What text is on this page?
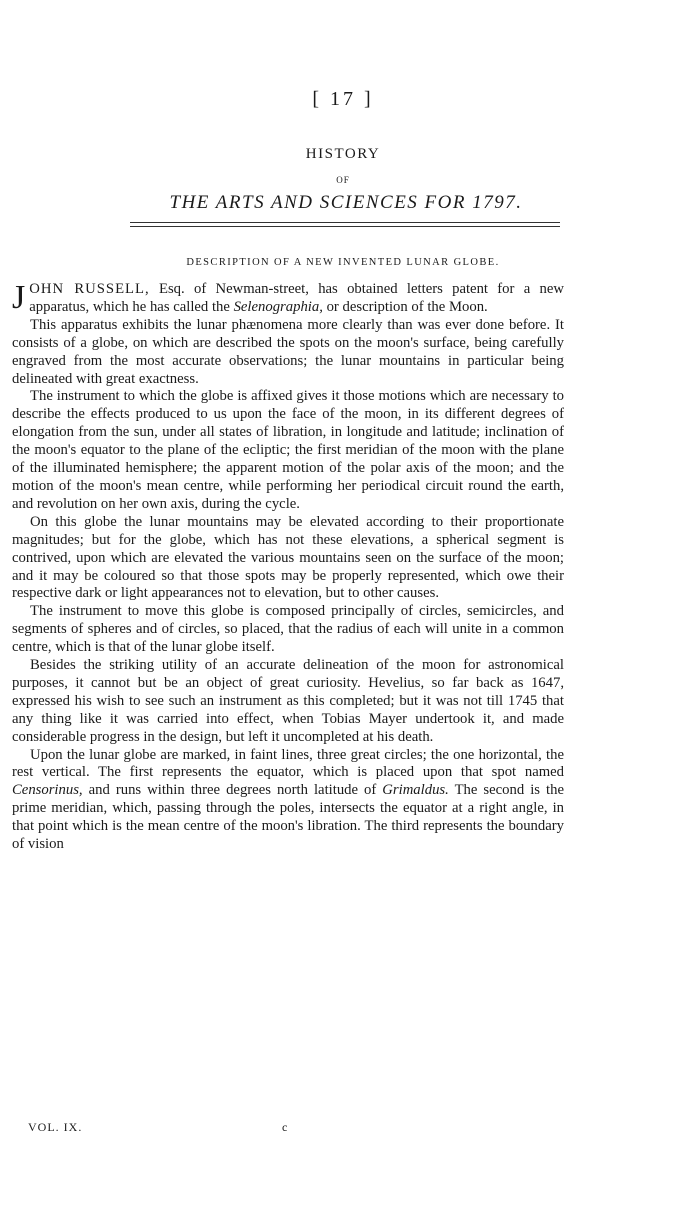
[ 17 ]
HISTORY
OF
THE ARTS AND SCIENCES FOR 1797.
DESCRIPTION OF A NEW INVENTED LUNAR GLOBE.

JOHN RUSSELL, Esq. of Newman-street, has obtained letters patent for a new apparatus, which he has called the Selenographia, or description of the Moon.

This apparatus exhibits the lunar phænomena more clearly than was ever done before. It consists of a globe, on which are described the spots on the moon's surface, being carefully engraved from the most accurate observations; the lunar mountains in particular being delineated with great exactness.

The instrument to which the globe is affixed gives it those motions which are necessary to describe the effects produced to us upon the face of the moon, in its different degrees of elongation from the sun, under all states of libration, in longitude and latitude; inclination of the moon's equator to the plane of the ecliptic; the first meridian of the moon with the plane of the illuminated hemisphere; the apparent motion of the polar axis of the moon; and the motion of the moon's mean centre, while performing her periodical circuit round the earth, and revolution on her own axis, during the cycle.

On this globe the lunar mountains may be elevated according to their proportionate magnitudes; but for the globe, which has not these elevations, a spherical segment is contrived, upon which are elevated the various mountains seen on the surface of the moon; and it may be coloured so that those spots may be properly represented, which owe their respective dark or light appearances not to elevation, but to other causes.

The instrument to move this globe is composed principally of circles, semicircles, and segments of spheres and of circles, so placed, that the radius of each will unite in a common centre, which is that of the lunar globe itself.

Besides the striking utility of an accurate delineation of the moon for astronomical purposes, it cannot but be an object of great curiosity. Hevelius, so far back as 1647, expressed his wish to see such an instrument as this completed; but it was not till 1745 that any thing like it was carried into effect, when Tobias Mayer undertook it, and made considerable progress in the design, but left it uncompleted at his death.

Upon the lunar globe are marked, in faint lines, three great circles; the one horizontal, the rest vertical. The first represents the equator, which is placed upon that spot named Censorinus, and runs within three degrees north latitude of Grimaldus. The second is the prime meridian, which, passing through the poles, intersects the equator at a right angle, in that point which is the mean centre of the moon's libration. The third represents the boundary of vision

VOL. IX.	c
